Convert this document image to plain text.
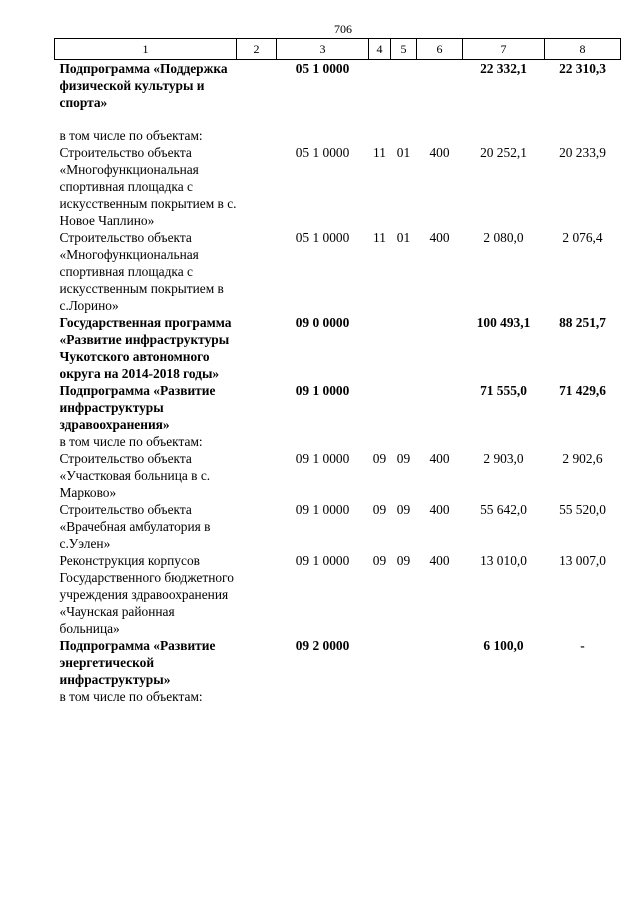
706
1	2	3	4	5	6	7	8
Подпрограмма «Поддержка физической культуры и спорта»		05 1 0000				22 332,1	22 310,3

в том числе по объектам:							
Строительство объекта «Многофункциональная спортивная площадка с искусственным покрытием в с. Новое Чаплино»		05 1 0000	11	01	400	20 252,1	20 233,9
Строительство объекта «Многофункциональная спортивная площадка с искусственным покрытием в с.Лорино»		05 1 0000	11	01	400	2 080,0	2 076,4
Государственная программа «Развитие инфраструктуры Чукотского автономного округа на 2014-2018 годы»		09 0 0000				100 493,1	88 251,7
Подпрограмма «Развитие инфраструктуры здравоохранения»		09 1 0000				71 555,0	71 429,6
в том числе по объектам:							
Строительство объекта «Участковая больница в с. Марково»		09 1 0000	09	09	400	2 903,0	2 902,6
Строительство объекта «Врачебная амбулатория в с.Уэлен»		09 1 0000	09	09	400	55 642,0	55 520,0
Реконструкция корпусов Государственного бюджетного учреждения здравоохранения «Чаунская районная больница»		09 1 0000	09	09	400	13 010,0	13 007,0
Подпрограмма «Развитие энергетической инфраструктуры»		09 2 0000				6 100,0	-
в том числе по объектам:							
